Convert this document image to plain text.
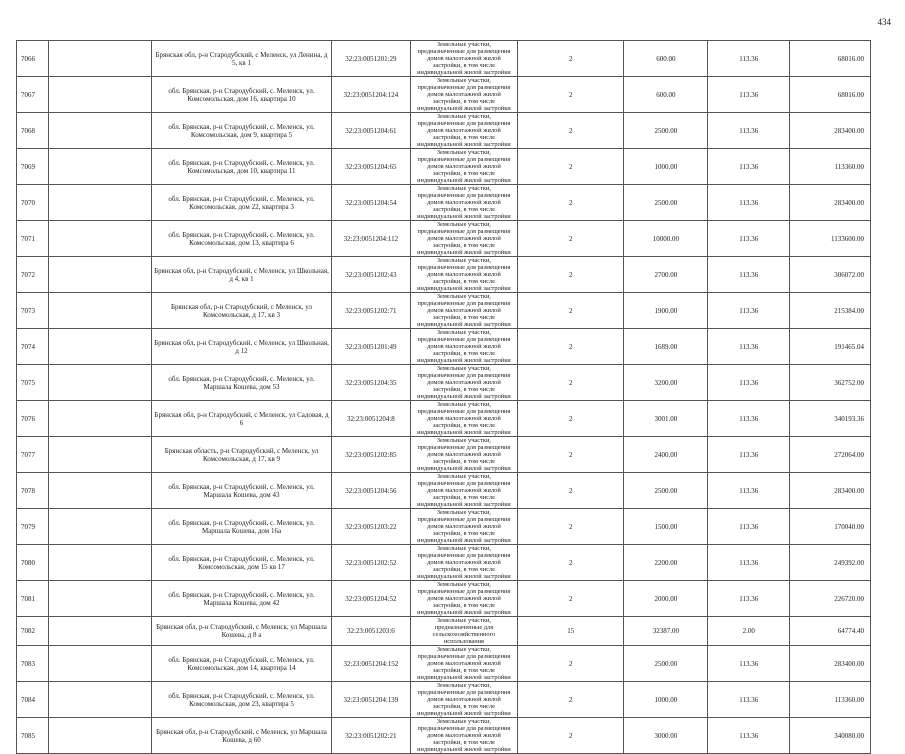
434
7066		Брянская обл, р-н Стародубский, с Меленск, ул Ленина, д 5, кв 1	32:23:0051201:29	Земельные участки, предназначенные для размещения домов малоэтажной жилой застройки, в том числе индивидуальной жилой застройки	2	600.00	113.36	68016.00
7067		обл. Брянская, р-н Стародубский, с. Меленск, ул. Комсомольская, дом 16, квартира 10	32:23:0051204:124	Земельные участки, предназначенные для размещения домов малоэтажной жилой застройки, в том числе индивидуальной жилой застройки	2	600.00	113.36	68016.00
7068		обл. Брянская, р-н Стародубский, с. Меленск, ул. Комсомольская, дом 9, квартира 5	32:23:0051204:61	Земельные участки, предназначенные для размещения домов малоэтажной жилой застройки, в том числе индивидуальной жилой застройки	2	2500.00	113.36	283400.00
7069		обл. Брянская, р-н Стародубский, с. Меленск, ул. Комсомольская, дом 10, квартира 11	32:23:0051204:65	Земельные участки, предназначенные для размещения домов малоэтажной жилой застройки, в том числе индивидуальной жилой застройки	2	1000.00	113.36	113360.00
7070		обл. Брянская, р-н Стародубский, с. Меленск, ул. Комсомольская, дом 22, квартира 3	32:23:0051204:54	Земельные участки, предназначенные для размещения домов малоэтажной жилой застройки, в том числе индивидуальной жилой застройки	2	2500.00	113.36	283400.00
7071		обл. Брянская, р-н Стародубский, с. Меленск, ул. Комсомольская, дом 13, квартира 6	32:23:0051204:112	Земельные участки, предназначенные для размещения домов малоэтажной жилой застройки, в том числе индивидуальной жилой застройки	2	10000.00	113.36	1133600.00
7072		Брянская обл, р-н Стародубский, с Меленск, ул Школьная, д 4, кв 1	32:23:0051202:43	Земельные участки, предназначенные для размещения домов малоэтажной жилой застройки, в том числе индивидуальной жилой застройки	2	2700.00	113.36	306072.00
7073		Брянская обл, р-н Стародубский, с Меленск, ул Комсомольская, д 17, кв 3	32:23:0051202:71	Земельные участки, предназначенные для размещения домов малоэтажной жилой застройки, в том числе индивидуальной жилой застройки	2	1900.00	113.36	215384.00
7074		Брянская обл, р-н Стародубский, с Меленск, ул Школьная, д 12	32:23:0051201:49	Земельные участки, предназначенные для размещения домов малоэтажной жилой застройки, в том числе индивидуальной жилой застройки	2	1689.00	113.36	191465.04
7075		обл. Брянская, р-н Стародубский, с. Меленск, ул. Маршала Кошева, дом 53	32:23:0051204:35	Земельные участки, предназначенные для размещения домов малоэтажной жилой застройки, в том числе индивидуальной жилой застройки	2	3200.00	113.36	362752.00
7076		Брянская обл, р-н Стародубский, с Меленск, ул Садовая, д 6	32:23:0051204:8	Земельные участки, предназначенные для размещения домов малоэтажной жилой застройки, в том числе индивидуальной жилой застройки	2	3001.00	113.36	340193.36
7077		Брянская область, р-н Стародубский, с Меленск, ул Комсомольская, д 17, кв 9	32:23:0051202:85	Земельные участки, предназначенные для размещения домов малоэтажной жилой застройки, в том числе индивидуальной жилой застройки	2	2400.00	113.36	272064.00
7078		обл. Брянская, р-н Стародубский, с. Меленск, ул. Маршала Кошева, дом 43	32:23:0051204:56	Земельные участки, предназначенные для размещения домов малоэтажной жилой застройки, в том числе индивидуальной жилой застройки	2	2500.00	113.36	283400.00
7079		обл. Брянская, р-н Стародубский, с. Меленск, ул. Маршала Кошева, дом 16а	32:23:0051203:22	Земельные участки, предназначенные для размещения домов малоэтажной жилой застройки, в том числе индивидуальной жилой застройки	2	1500.00	113.36	170040.00
7080		обл. Брянская, р-н Стародубский, с. Меленск, ул. Комсомольская, дом 15 кв 17	32:23:0051202:52	Земельные участки, предназначенные для размещения домов малоэтажной жилой застройки, в том числе индивидуальной жилой застройки	2	2200.00	113.36	249392.00
7081		обл. Брянская, р-н Стародубский, с. Меленск, ул. Маршала Кошева, дом 42	32:23:0051204:52	Земельные участки, предназначенные для размещения домов малоэтажной жилой застройки, в том числе индивидуальной жилой застройки	2	2000.00	113.36	226720.00
7082		Брянская обл, р-н Стародубский, с Меленск, ул Маршала Кошева, д 8 а	32:23:0051203:6	Земельные участки, предназначенные для сельскохозяйственного использования	15	32387.00	2.00	64774.40
7083		обл. Брянская, р-н Стародубский, с. Меленск, ул. Комсомольская, дом 14, квартира 14	32:23:0051204:152	Земельные участки, предназначенные для размещения домов малоэтажной жилой застройки, в том числе индивидуальной жилой застройки	2	2500.00	113.36	283400.00
7084		обл. Брянская, р-н Стародубский, с. Меленск, ул. Комсомольская, дом 23, квартира 5	32:23:0051204:139	Земельные участки, предназначенные для размещения домов малоэтажной жилой застройки, в том числе индивидуальной жилой застройки	2	1000.00	113.36	113360.00
7085		Брянская обл, р-н Стародубский, с Меленск, ул Маршала Кошева, д 60	32:23:0051202:21	Земельные участки, предназначенные для размещения домов малоэтажной жилой застройки, в том числе индивидуальной жилой застройки	2	3000.00	113.36	340080.00
